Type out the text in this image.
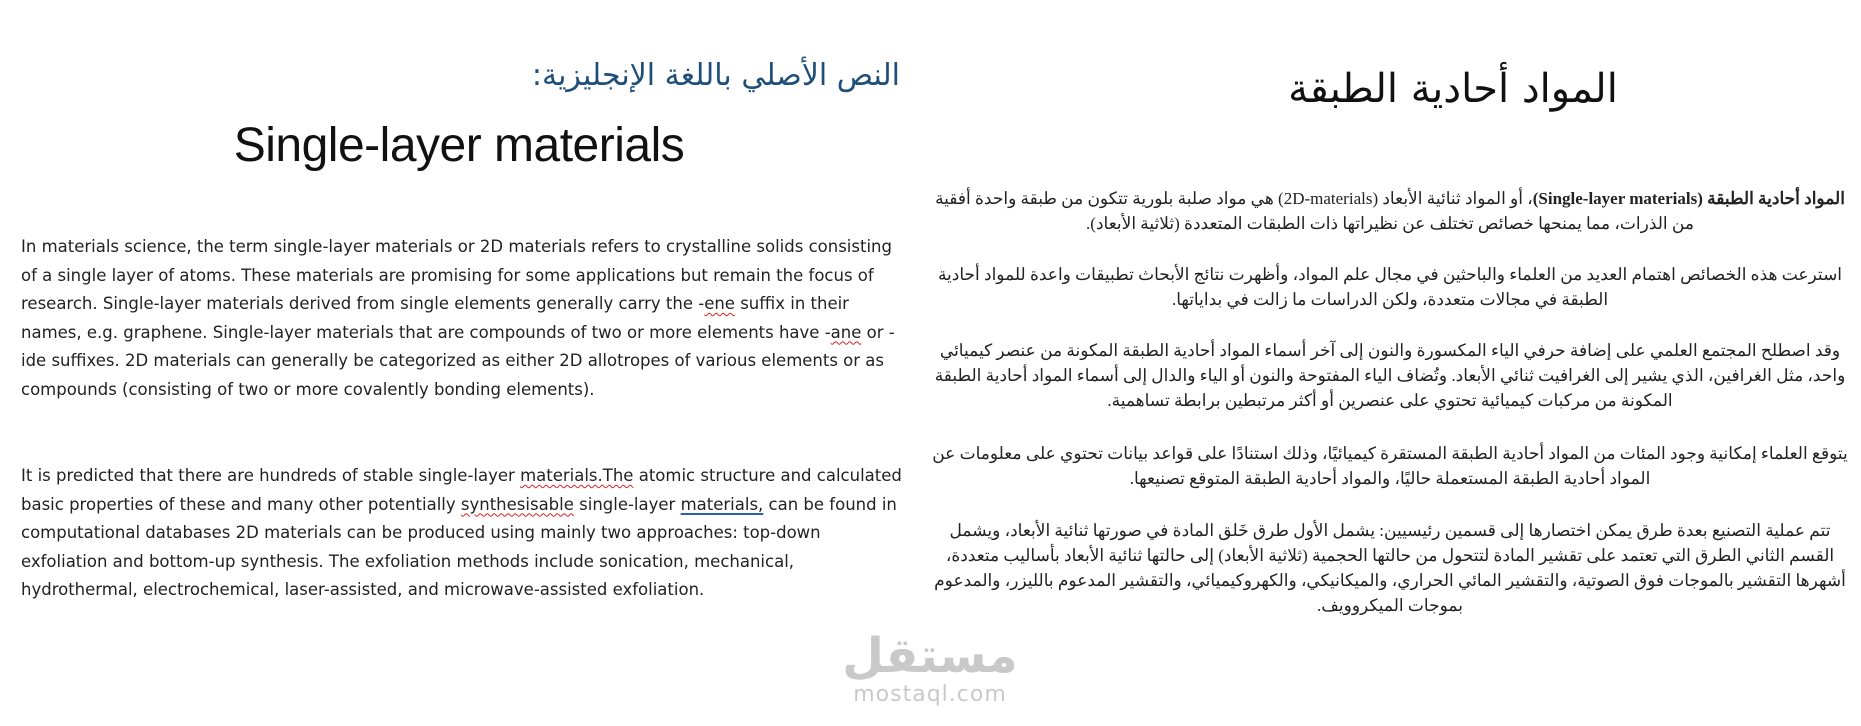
النص الأصلي باللغة الإنجليزية:
Single-layer materials

In materials science, the term single-layer materials or 2D materials refers to crystalline solids consisting of a single layer of atoms. These materials are promising for some applications but remain the focus of research. Single-layer materials derived from single elements generally carry the -ene suffix in their names, e.g. graphene. Single-layer materials that are compounds of two or more elements have -ane or -ide suffixes. 2D materials can generally be categorized as either 2D allotropes of various elements or as compounds (consisting of two or more covalently bonding elements).

It is predicted that there are hundreds of stable single-layer materials.The atomic structure and calculated basic properties of these and many other potentially synthesisable single-layer materials, can be found in computational databases 2D materials can be produced using mainly two approaches: top-down exfoliation and bottom-up synthesis. The exfoliation methods include sonication, mechanical, hydrothermal, electrochemical, laser-assisted, and microwave-assisted exfoliation.

المواد أحادية الطبقة

المواد أحادية الطبقة (Single-layer materials)، أو المواد ثنائية الأبعاد (2D-materials) هي مواد صلبة بلورية تتكون من طبقة واحدة أفقية من الذرات، مما يمنحها خصائص تختلف عن نظيراتها ذات الطبقات المتعددة (ثلاثية الأبعاد).

استرعت هذه الخصائص اهتمام العديد من العلماء والباحثين في مجال علم المواد، وأظهرت نتائج الأبحاث تطبيقات واعدة للمواد أحادية الطبقة في مجالات متعددة، ولكن الدراسات ما زالت في بداياتها.

وقد اصطلح المجتمع العلمي على إضافة حرفي الياء المكسورة والنون إلى آخر أسماء المواد أحادية الطبقة المكونة من عنصر كيميائي واحد، مثل الغرافين، الذي يشير إلى الغرافيت ثنائي الأبعاد. وتُضاف الياء المفتوحة والنون أو الياء والدال إلى أسماء المواد أحادية الطبقة المكونة من مركبات كيميائية تحتوي على عنصرين أو أكثر مرتبطين برابطة تساهمية.

يتوقع العلماء إمكانية وجود المئات من المواد أحادية الطبقة المستقرة كيميائيًا، وذلك استنادًا على قواعد بيانات تحتوي على معلومات عن المواد أحادية الطبقة المستعملة حاليًا، والمواد أحادية الطبقة المتوقع تصنيعها.

تتم عملية التصنيع بعدة طرق يمكن اختصارها إلى قسمين رئيسيين: يشمل الأول طرق خَلق المادة في صورتها ثنائية الأبعاد، ويشمل القسم الثاني الطرق التي تعتمد على تقشير المادة لتتحول من حالتها الحجمية (ثلاثية الأبعاد) إلى حالتها ثنائية الأبعاد بأساليب متعددة، أشهرها التقشير بالموجات فوق الصوتية، والتقشير المائي الحراري، والميكانيكي، والكهروكيميائي، والتقشير المدعوم بالليزر، والمدعوم بموجات الميكروويف.

مستقل
mostaql.com
